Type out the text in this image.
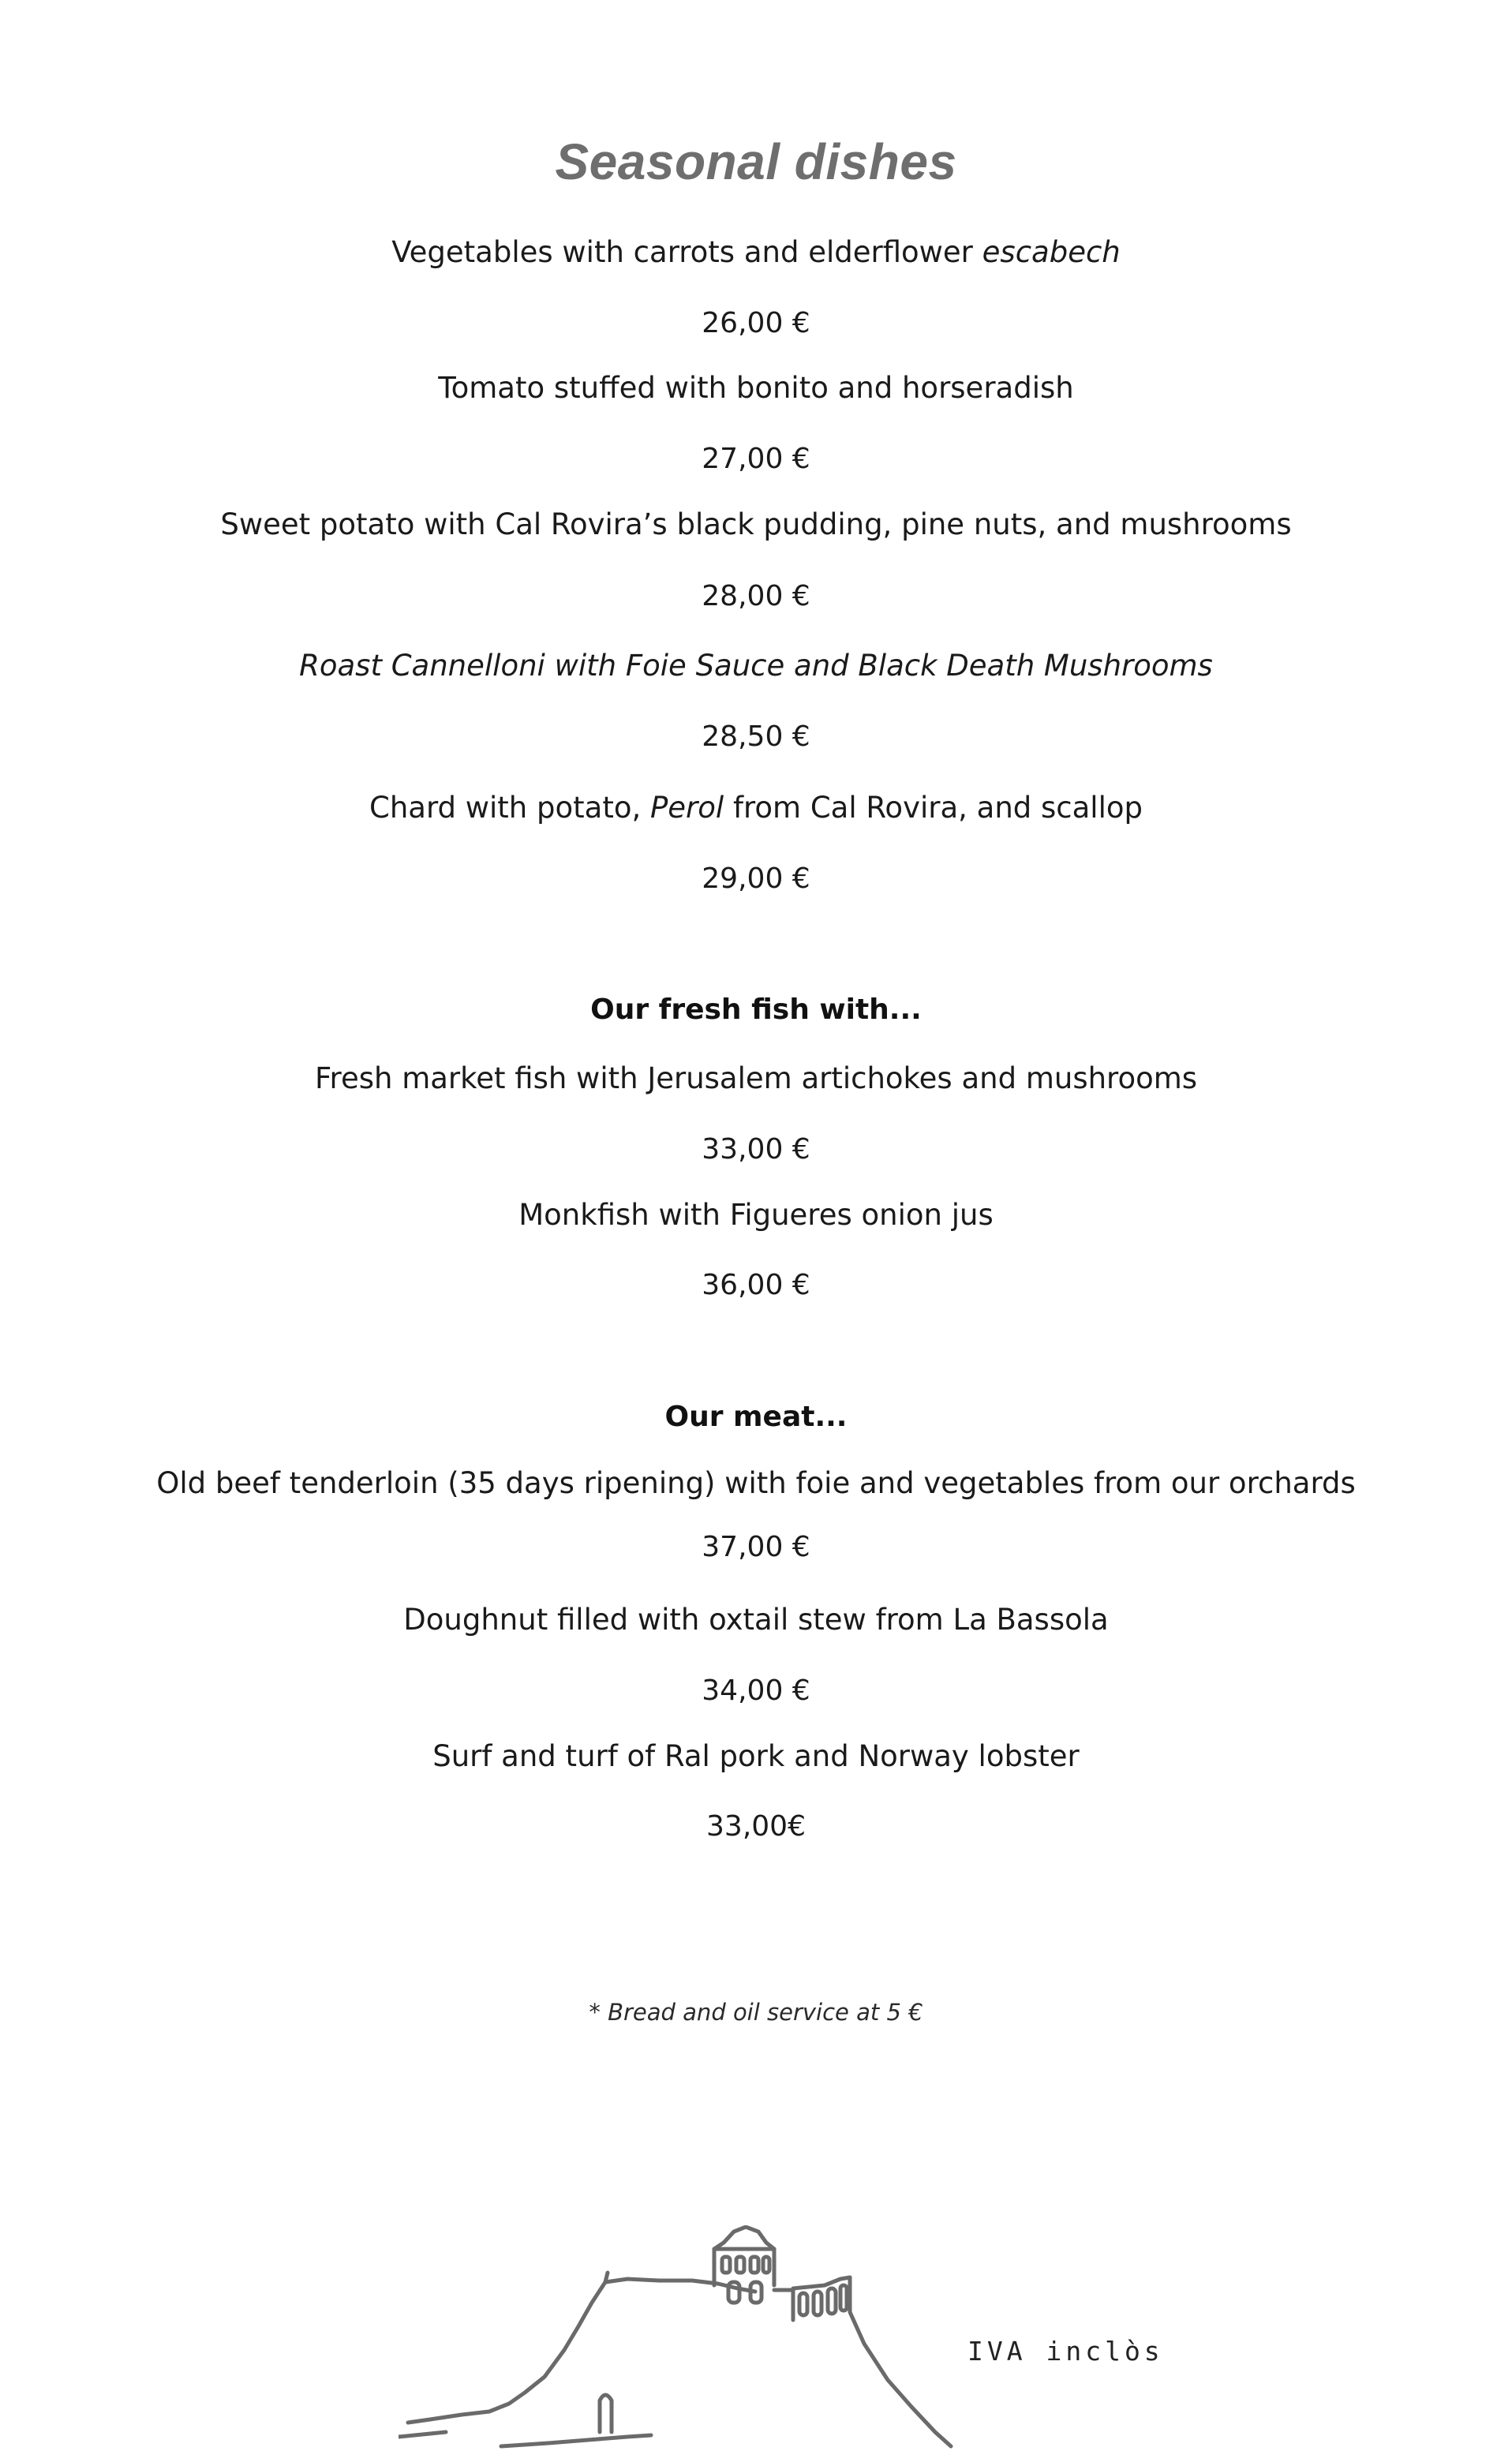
Seasonal dishes
Vegetables with carrots and elderflower escabech
26,00 €
Tomato stuffed with bonito and horseradish
27,00 €
Sweet potato with Cal Rovira’s black pudding, pine nuts, and mushrooms
28,00 €
Roast Cannelloni with Foie Sauce and Black Death Mushrooms
28,50 €
Chard with potato, Perol from Cal Rovira, and scallop
29,00 €
Our fresh fish with...
Fresh market fish with Jerusalem artichokes and mushrooms
33,00 €
Monkfish with Figueres onion jus
36,00 €
Our meat...
Old beef tenderloin (35 days ripening) with foie and vegetables from our orchards
37,00 €
Doughnut filled with oxtail stew from La Bassola
34,00 €
Surf and turf of Ral pork and Norway lobster
33,00€
* Bread and oil service at 5 €
IVA inclòs
